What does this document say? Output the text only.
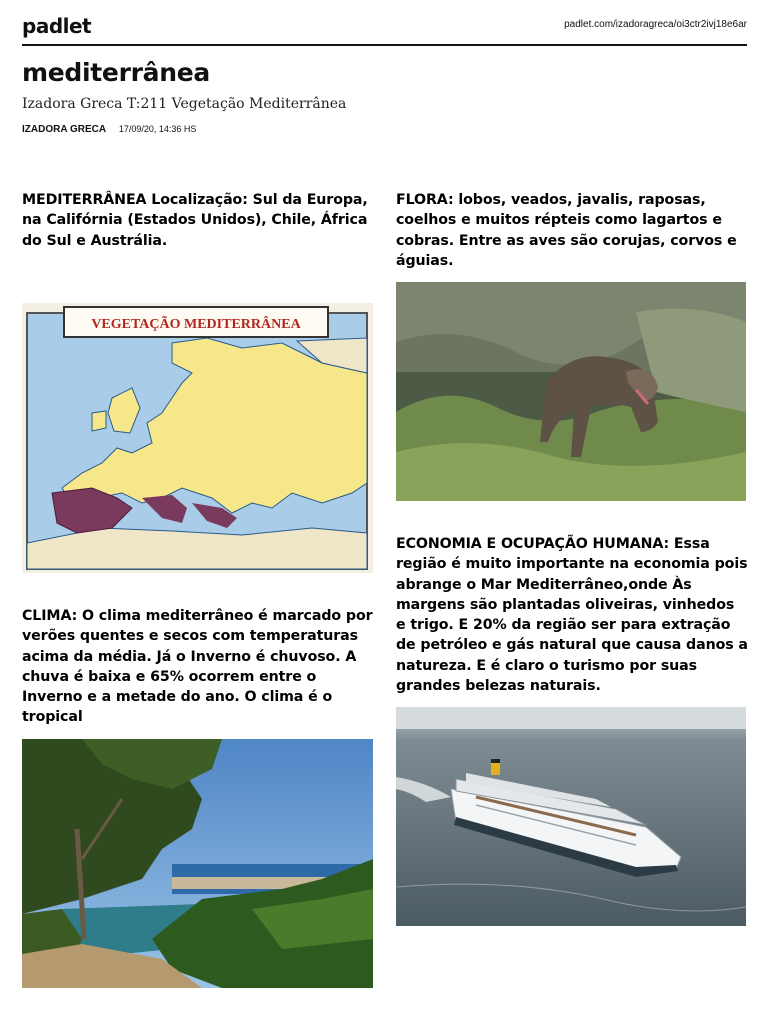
padlet	padlet.com/izadoragreca/oi3ctr2ivj18e6ar
mediterrânea
Izadora Greca T:211 Vegetação Mediterrânea
IZADORA GRECA 17/09/20, 14:36 HS
MEDITERRÂNEA Localização: Sul da Europa, na Califórnia (Estados Unidos), Chile, África do Sul e Austrália.
VEGETAÇÃO MEDITERRÂNEA
CLIMA: O clima mediterrâneo é marcado por verões quentes e secos com temperaturas acima da média. Já o Inverno é chuvoso. A chuva é baixa e 65% ocorrem entre o Inverno e a metade do ano. O clima é o tropical
FLORA: lobos, veados, javalis, raposas, coelhos e muitos répteis como lagartos e cobras. Entre as aves são corujas, corvos e águias.
ECONOMIA E OCUPAÇÃO HUMANA: Essa região é muito importante na economia pois abrange o Mar Mediterrâneo,onde Às margens são plantadas oliveiras, vinhedos e trigo. E 20% da região ser para extração de petróleo e gás natural que causa danos a natureza. E é claro o turismo por suas grandes belezas naturais.
